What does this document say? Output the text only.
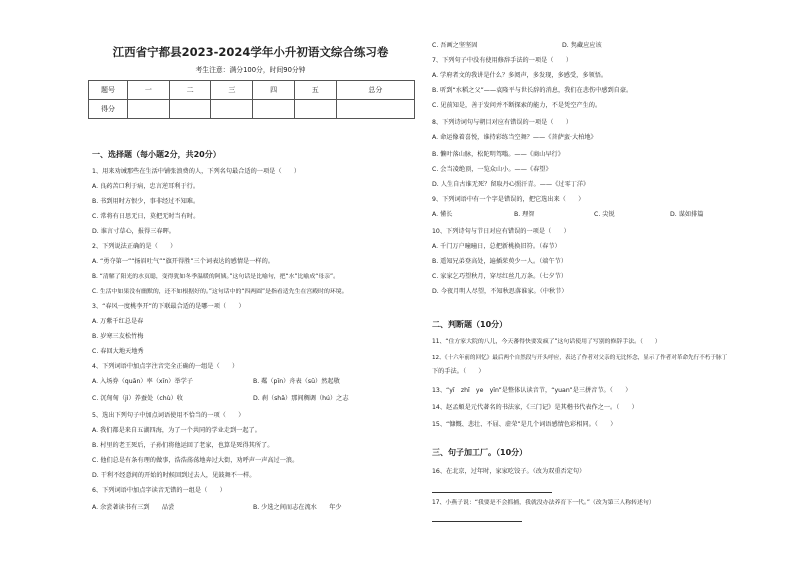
江西省宁都县2023-2024学年小升初语文综合练习卷
考生注意：满分100分，时间90分钟
题号	一	二	三	四	五	总分
得分						
一、选择题（每小题2分，共20分）
1、用来劝诫那些在生活中铺张浪费的人，下列名句最合适的一项是（　　）
A. 良药苦口利于病，忠言逆耳利于行。
B. 书到用时方恨少，事非经过不知难。
C. 常将有日思无日，莫把无时当有时。
D. 谁言寸草心，报得三春晖。
2、下列说法正确的是（　　）
A. “勇夺第一”“扬眉吐气”“旗开得胜”三个词表达的感情是一样的。
B. “清解了阳光的水页聪，变得犹如冬季温暖的阿姨。”这句话是比喻句，把“水”比喻成“母亲”。
C. 生活中如果没有幽默的，还不如根据好的。”这句话中的“四两圆”是指看适先生在宫殿时的环境。
3、“春风一度桃李开”的下联最合适的是哪一项（　　）
A. 万紫千红总是春
B. 岁寒三友松竹梅
C. 春回大地天地秀
4、下列词语中加点字注音完全正确的一组是（　　）
A. 入场券（quān）率（xīn）举学子	B. 粼（pīn）舟表（sū）然起敬
C. 沉甸甸（jì）养蚕处（chù）收	D. 刹（shā）那间稠调（hú）之志
5、选出下列句子中加点词语使用不恰当的一项（　　）
A. 我们都是来自五湖四海，为了一个共同的学业走到一起了。
B. 村里的老王死后，子孙们将他运回了老家，也算是死得其所了。
C. 他们总是有条有理的做事，浩浩荡荡地奔过大街，劝呼声一声高过一浪。
D. 干利不经意间的开始的时候回到过去人，见鼓舞不一样。
6、下列词语中加点字读音无错的一组是（　　）
A. 余尝著读书有三到　　品尝	B. 少选之间而志在流水　　年少
C. 吾画之坚坚固	D. 隽藏应应该
7、下列句子中没有使用修辞手法的一项是（　　）
A. 学府者文的我讲是什么？多阅声，多发现，多感受，多领悟。
B. 听到“水稻之父”——袁隆平与世长辞的消息，我们在悲伤中感到自豪。
C. 见前知是，善于发问并不断探索的能力，不是凭空产生的。
8、下列诗词句与朝目对应有错误的一项是（　　）
A. 命运像着喜悦，谁持彩练当空舞？——《菩萨蛮·大柏地》
B. 懒叶落山脉，松陀明驾嗡。——《商山早行》
C. 会当凌绝顶，一览众山小。——《春望》
D. 人生自古谁无死？留取丹心照汗青。——《过零丁洋》
9、下列词语中有一个字是错误的，把它选出来（　　）
A. 懂长	B. 理智	C. 尖锐	D. 谋如排篇
10、下列诗句与节日对应有错误的一项是（　　）
A. 千门万户曈曈日，总把新桃换旧符。（春节）
B. 遥知兄弟登高处，遍插茱萸少一人。（端午节）
C. 家家乞巧望秋月，穿尽红丝几万条。（七夕节）
D. 今夜月明人尽望，不知秋思落谁家。（中秋节）
二、判断题（10分）
11、“住方家大院的八儿，今天蕃得快要发疯了”这句话使用了写别的修辞手法。（　　）
12、《十六年前的回忆》最后两个自然段与开头呼应，表达了作者对父亲的无比怀念，显示了作者对革命先行不朽于脉丁
下的手法。（　　）
13、“yī　zhī　ye　yīn”是整体认读音节，“yuan”是三拼音节。（　　）
14、赵孟頫是元代著名的书法家，《三门记》是其楷书代表作之一。（　　）
15、“慷慨、悲壮、不屈、虚荣”是几个词语感情色彩相同。（　　）
三、句子加工厂。（10分）
16、在北京，过年时，家家吃饺子。（改为双重否定句）
17、小燕子说：“我要是不会抓捕，我就没办法养育下一代。”（改为第三人称转述句）
